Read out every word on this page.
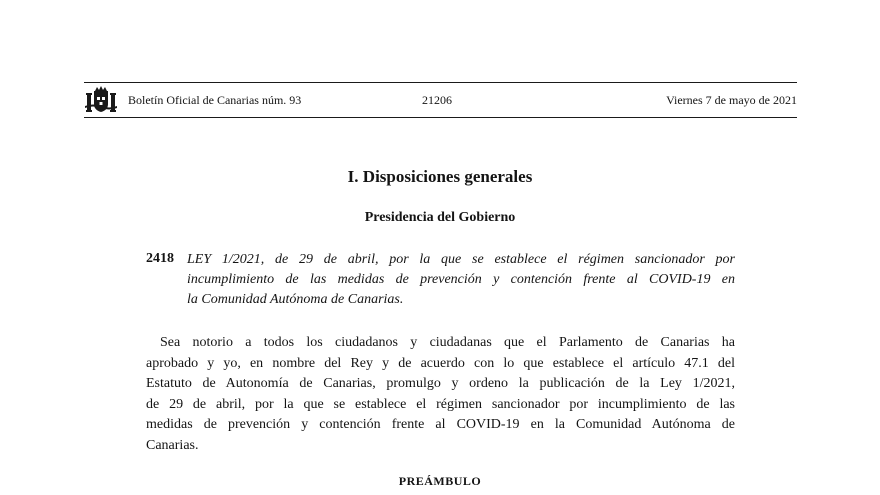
Boletín Oficial de Canarias núm. 93	21206	Viernes 7 de mayo de 2021
I. Disposiciones generales
Presidencia del Gobierno
2418 LEY 1/2021, de 29 de abril, por la que se establece el régimen sancionador por
incumplimiento de las medidas de prevención y contención frente al COVID-19 en
la Comunidad Autónoma de Canarias.
Sea notorio a todos los ciudadanos y ciudadanas que el Parlamento de Canarias ha
aprobado y yo, en nombre del Rey y de acuerdo con lo que establece el artículo 47.1 del
Estatuto de Autonomía de Canarias, promulgo y ordeno la publicación de la Ley 1/2021,
de 29 de abril, por la que se establece el régimen sancionador por incumplimiento de las
medidas de prevención y contención frente al COVID-19 en la Comunidad Autónoma de
Canarias.
PREÁMBULO
